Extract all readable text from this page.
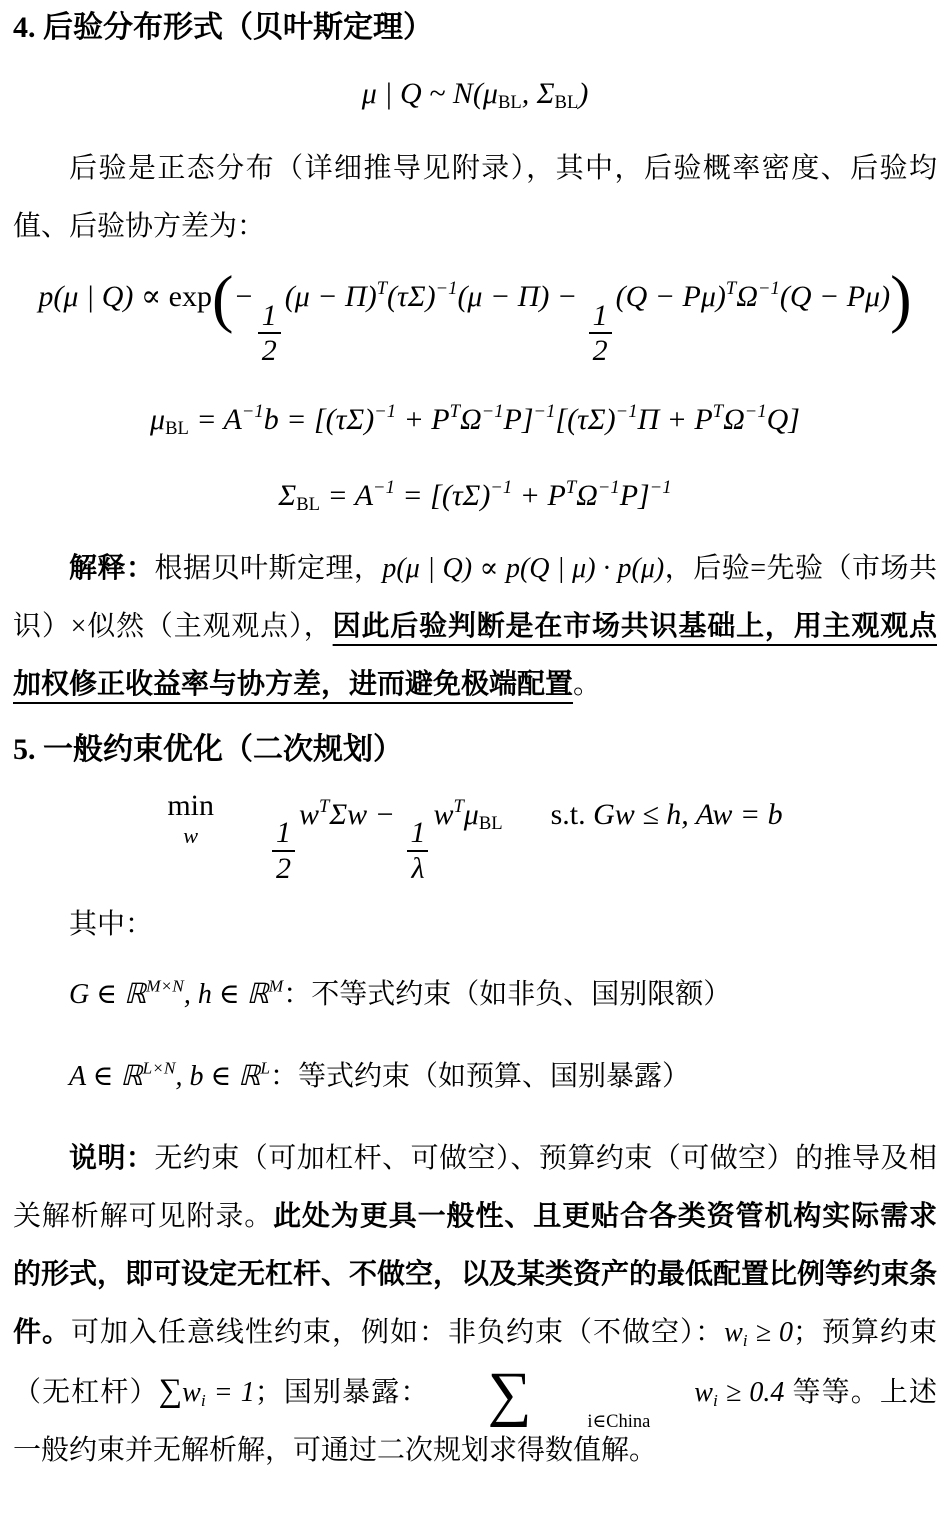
4. 后验分布形式（贝叶斯定理）
μ | Q ~ $N(\mu_{BL}$, $\Sigma_{BL}$)

后验是正态分布（详细推导见附录），其中，后验概率密度、后验均值、后验协方差为：

p(μ | Q) ∝ exp(−
$\frac{1}{2}$
$(\mu - \Pi)^T(\tau\Sigma)^{-1}(\mu - \Pi)$ −
$\frac{1}{2}$
$(Q - P\mu)^T\Omega^{-1}(Q - P\mu)$)
$\mu_{BL} = A^{-1}b = [(\tau\Sigma)^{-1} + P^T\Omega^{-1}P]^{-1}[(\tau\Sigma)^{-1}\Pi + P^T\Omega^{-1}Q]$
$\Sigma_{BL} = A^{-1} = [(\tau\Sigma)^{-1} + P^T\Omega^{-1}P]^{-1}$

解释：根据贝叶斯定理，p(μ | Q) ∝ p(Q | μ) · p(μ)，后验=先验（市场共识）×似然（主观观点），因此后验判断是在市场共识基础上，用主观观点加权修正收益率与协方差，进而避免极端配置。

5. 一般约束优化（二次规划）
min
w $\frac{1}{2}$
$w^T\Sigma w$ −
$\frac{1}{\lambda}$
$w^T\mu_{BL}$ s.t. Gw ≤ h, Aw = b

其中：

G ∈ ℝ$^{M\times N}$, h ∈ ℝ$^M$：不等式约束（如非负、国别限额）

A ∈ ℝ$^{L\times N}$, b ∈ ℝ$^L$：等式约束（如预算、国别暴露）

说明：无约束（可加杠杆、可做空）、预算约束（可做空）的推导及相关解析解可见附录。此处为更具一般性、且更贴合各类资管机构实际需求的形式，即可设定无杠杆、不做空，以及某类资产的最低配置比例等约束条件。可加入任意线性约束，例如：非负约束（不做空）：$w_i \ge 0$；预算约束（无杠杆）$\sum w_i = 1$；国别暴露： ∑	i∈China
$w_i \ge 0.4$ 等等。上述一般约束并无解析解，可通过二次规划求得数值解。
